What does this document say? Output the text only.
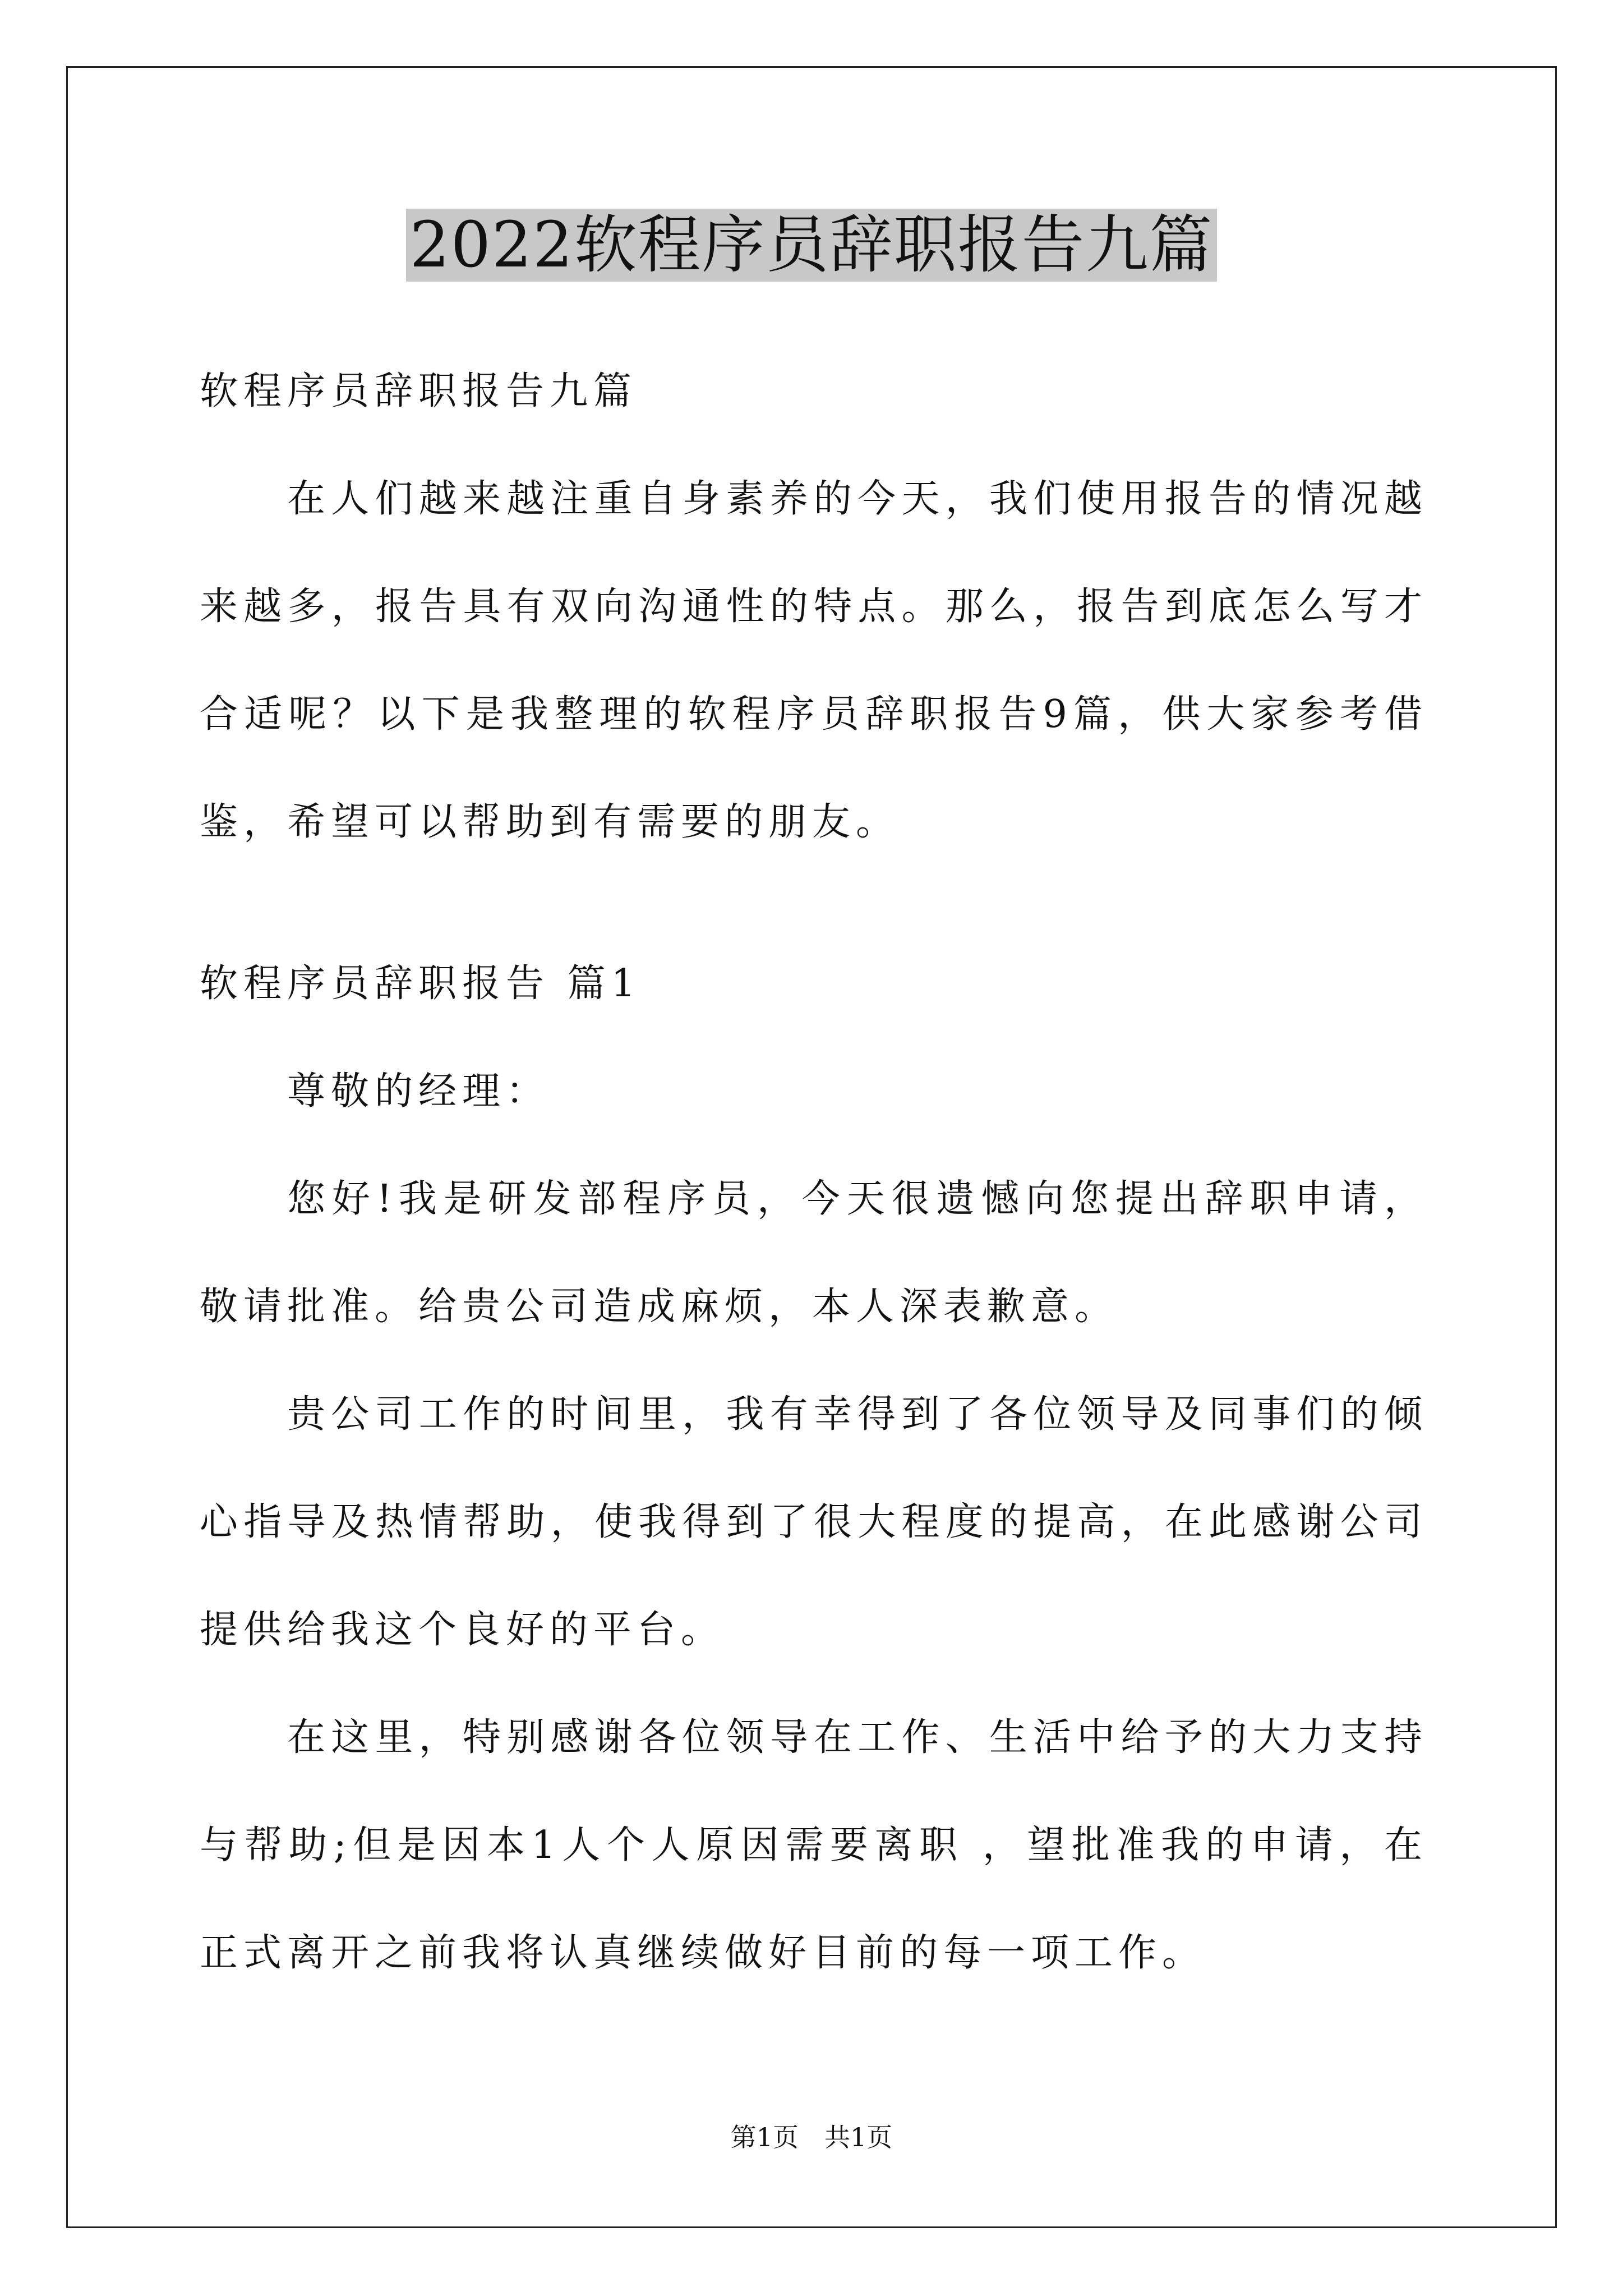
2022软程序员辞职报告九篇

软程序员辞职报告九篇

在人们越来越注重自身素养的今天，我们使用报告的情况越来越多，报告具有双向沟通性的特点。那么，报告到底怎么写才合适呢？以下是我整理的软程序员辞职报告9篇，供大家参考借鉴，希望可以帮助到有需要的朋友。

软程序员辞职报告 篇1

尊敬的经理：

您好!我是研发部程序员，今天很遗憾向您提出辞职申请，敬请批准。给贵公司造成麻烦，本人深表歉意。

贵公司工作的时间里，我有幸得到了各位领导及同事们的倾心指导及热情帮助，使我得到了很大程度的提高，在此感谢公司提供给我这个良好的平台。

在这里，特别感谢各位领导在工作、生活中给予的大力支持与帮助;但是因本1人个人原因需要离职 ，望批准我的申请，在正式离开之前我将认真继续做好目前的每一项工作。

第1页 共1页
